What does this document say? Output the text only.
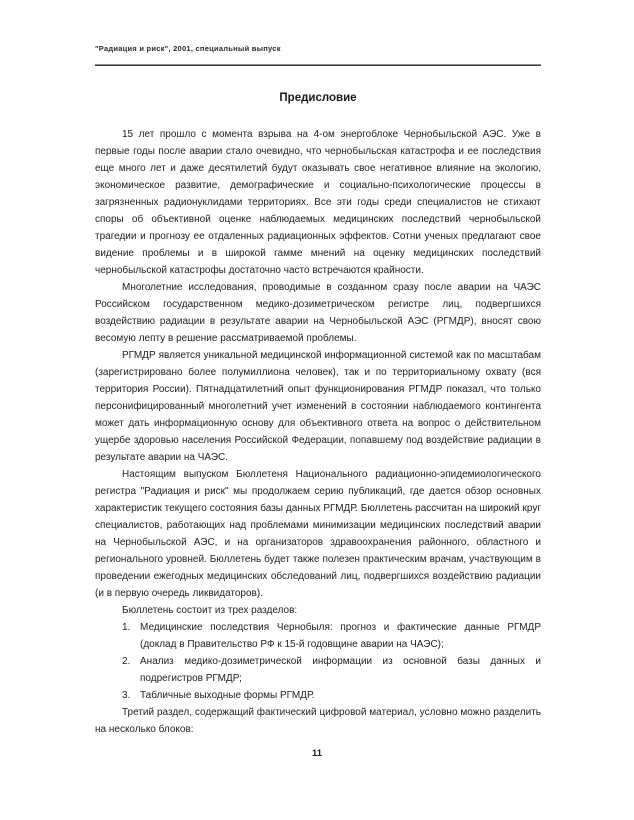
"Радиация и риск", 2001, специальный выпуск
Предисловие

15 лет прошло с момента взрыва на 4-ом энергоблоке Чернобыльской АЭС. Уже в первые годы после аварии стало очевидно, что чернобыльская катастрофа и ее последствия еще много лет и даже десятилетий будут оказывать свое негативное влияние на экологию, экономическое развитие, демографические и социально-психологические процессы в загрязненных радионуклидами территориях. Все эти годы среди специалистов не стихают споры об объективной оценке наблюдаемых медицинских последствий чернобыльской трагедии и прогнозу ее отдаленных радиационных эффектов. Сотни ученых предлагают свое видение проблемы и в широкой гамме мнений на оценку медицинских последствий чернобыльской катастрофы достаточно часто встречаются крайности.

Многолетние исследования, проводимые в созданном сразу после аварии на ЧАЭС Российском государственном медико-дозиметрическом регистре лиц, подвергшихся воздействию радиации в результате аварии на Чернобыльской АЭС (РГМДР), вносят свою весомую лепту в решение рассматриваемой проблемы.

РГМДР является уникальной медицинской информационной системой как по масштабам (зарегистрировано более полумиллиона человек), так и по территориальному охвату (вся территория России). Пятнадцатилетний опыт функционирования РГМДР показал, что только персонифицированный многолетний учет изменений в состоянии наблюдаемого контингента может дать информационную основу для объективного ответа на вопрос о действительном ущербе здоровью населения Российской Федерации, попавшему под воздействие радиации в результате аварии на ЧАЭС.

Настоящим выпуском Бюллетеня Национального радиационно-эпидемиологического регистра "Радиация и риск" мы продолжаем серию публикаций, где дается обзор основных характеристик текущего состояния базы данных РГМДР. Бюллетень рассчитан на широкий круг специалистов, работающих над проблемами минимизации медицинских последствий аварии на Чернобыльской АЭС, и на организаторов здравоохранения районного, областного и регионального уровней. Бюллетень будет также полезен практическим врачам, участвующим в проведении ежегодных медицинских обследований лиц, подвергшихся воздействию радиации (и в первую очередь ликвидаторов).

Бюллетень состоит из трех разделов:

1. Медицинские последствия Чернобыля: прогноз и фактические данные РГМДР (доклад в Правительство РФ к 15-й годовщине аварии на ЧАЭС);
2. Анализ медико-дозиметрической информации из основной базы данных и подрегистров РГМДР;
3. Табличные выходные формы РГМДР.

Третий раздел, содержащий фактический цифровой материал, условно можно разделить на несколько блоков:

11
